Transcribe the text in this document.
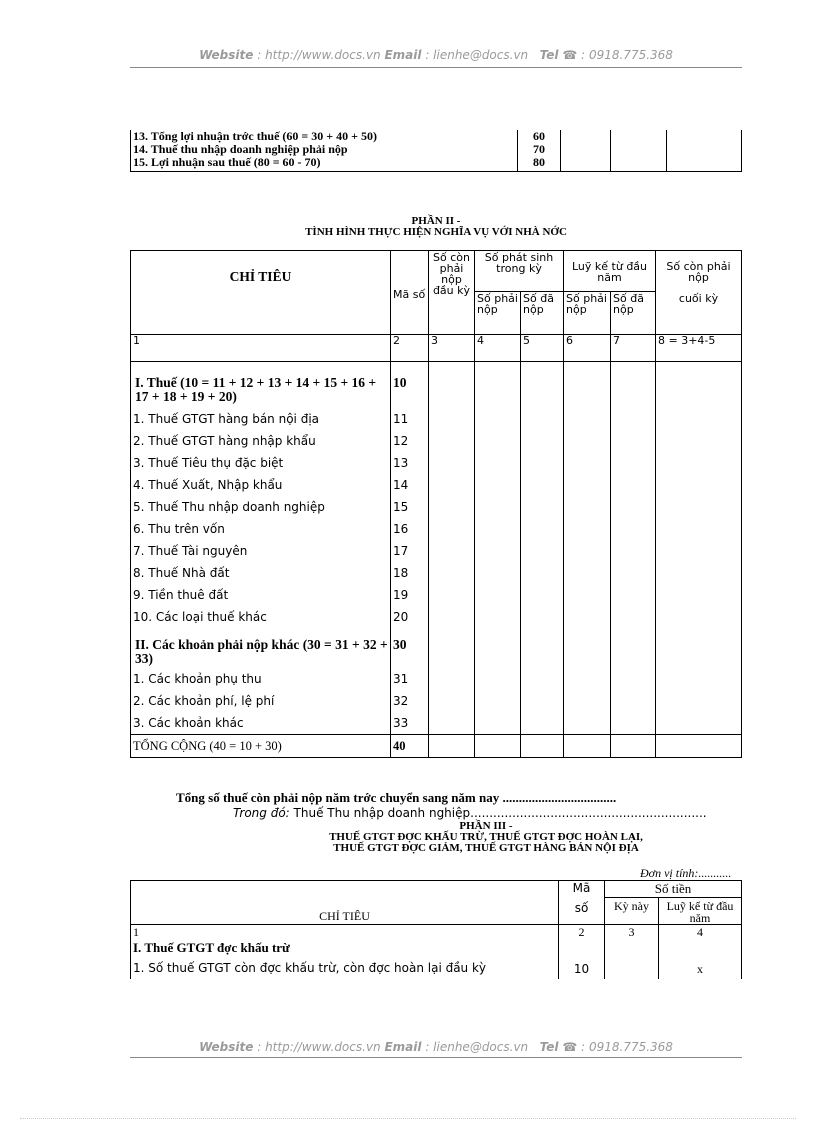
Website : http://www.docs.vn Email : lienhe@docs.vn   Tel ☎ : 0918.775.368
13. Tổng lợi nhuận trớc thuế (60 = 30 + 40 + 50)	60			
14. Thuế thu nhập doanh nghiệp phải nộp	70			
15. Lợi nhuận sau thuế (80 = 60 - 70)	80			
PHẦN II -
TÌNH HÌNH THỰC HIỆN NGHĨA VỤ VỚI NHÀ NỚC
CHỈ TIÊU	Mã số	Số còn phải nộp đầu kỳ	Số phát sinh trong kỳ		Luỹ kế từ đầu năm		Số còn phải nộp
cuối kỳ

			Số phải nộp	Số đã nộp	Số phải nộp	Số đã nộp	
1	2	3	4	5	6	7	8 = 3+4-5
I. Thuế (10 = 11 + 12 + 13 + 14 + 15 + 16 + 17 + 18 + 19 + 20)	10						
1. Thuế GTGT hàng bán nội địa	11						
2. Thuế GTGT hàng nhập khẩu	12						
3. Thuế Tiêu thụ đặc biệt	13						
4. Thuế Xuất, Nhập khẩu	14						
5. Thuế Thu nhập doanh nghiệp	15						
6. Thu trên vốn	16						
7. Thuế Tài nguyên	17						
8. Thuế Nhà đất	18						
9. Tiền thuê đất	19						
10. Các loại thuế khác	20						
II. Các khoản phải nộp khác (30 = 31 + 32 + 33)	30						
1. Các khoản phụ thu	31						
2. Các khoản phí, lệ phí	32						
3. Các khoản khác	33						
TỔNG CỘNG (40 = 10 + 30)	40						
Tổng số thuế còn phải nộp năm trớc chuyển sang năm nay ...................................
Trong đó: Thuế Thu nhập doanh nghiệp..............................................................
PHẦN III -
THUẾ GTGT ĐỢC KHẤU TRỪ, THUẾ GTGT ĐỢC HOÀN LẠI,
THUẾ GTGT ĐỢC GIẢM, THUẾ GTGT HÀNG BÁN NỘI ĐỊA
Đơn vị tính:...........
CHỈ TIÊU	Mã
số	Số tiền	
		Kỳ này	Luỹ kế từ đầu năm
1	2	3	4
I. Thuế GTGT đợc khấu trừ			
1. Số thuế GTGT còn đợc khấu trừ, còn đợc hoàn lại đầu kỳ	10		x
Website : http://www.docs.vn Email : lienhe@docs.vn   Tel ☎ : 0918.775.368
